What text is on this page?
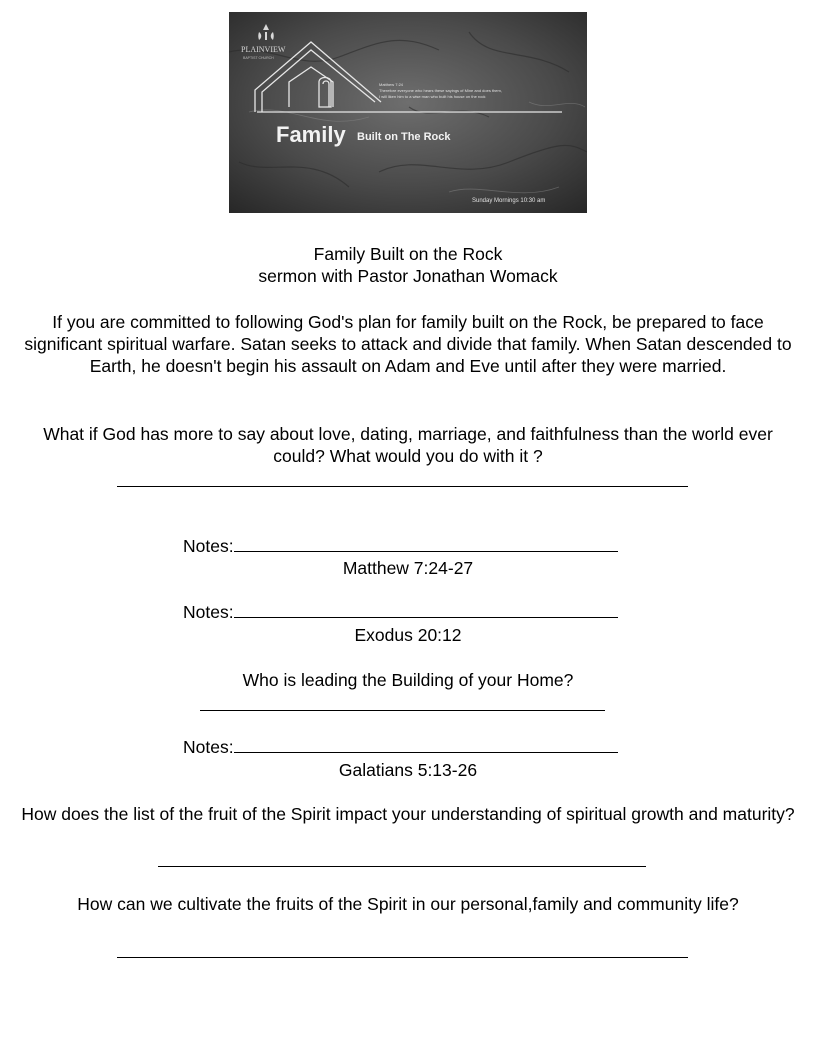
PLAINVIEW
BAPTIST CHURCH
Matthew 7:24
Therefore everyone who hears these sayings of Mine and does them,
I will liken him to a wise man who built his house on the rock
Family Built on The Rock
Sunday Mornings 10:30 am

Family Built on the Rock

sermon with Pastor Jonathan Womack

If you are committed to following God's plan for family built on the Rock, be prepared to face significant spiritual warfare. Satan seeks to attack and divide that family. When Satan descended to Earth, he doesn't begin his assault on Adam and Eve until after they were married.

What if God has more to say about love, dating, marriage, and faithfulness than the world ever could? What would you do with it ?

Notes:

Matthew 7:24-27

Notes:

Exodus 20:12

Who is leading the Building of your Home?

Notes:

Galatians 5:13-26

How does the list of the fruit of the Spirit impact your understanding of spiritual growth and maturity?

How can we cultivate the fruits of the Spirit in our personal,family and community life?
